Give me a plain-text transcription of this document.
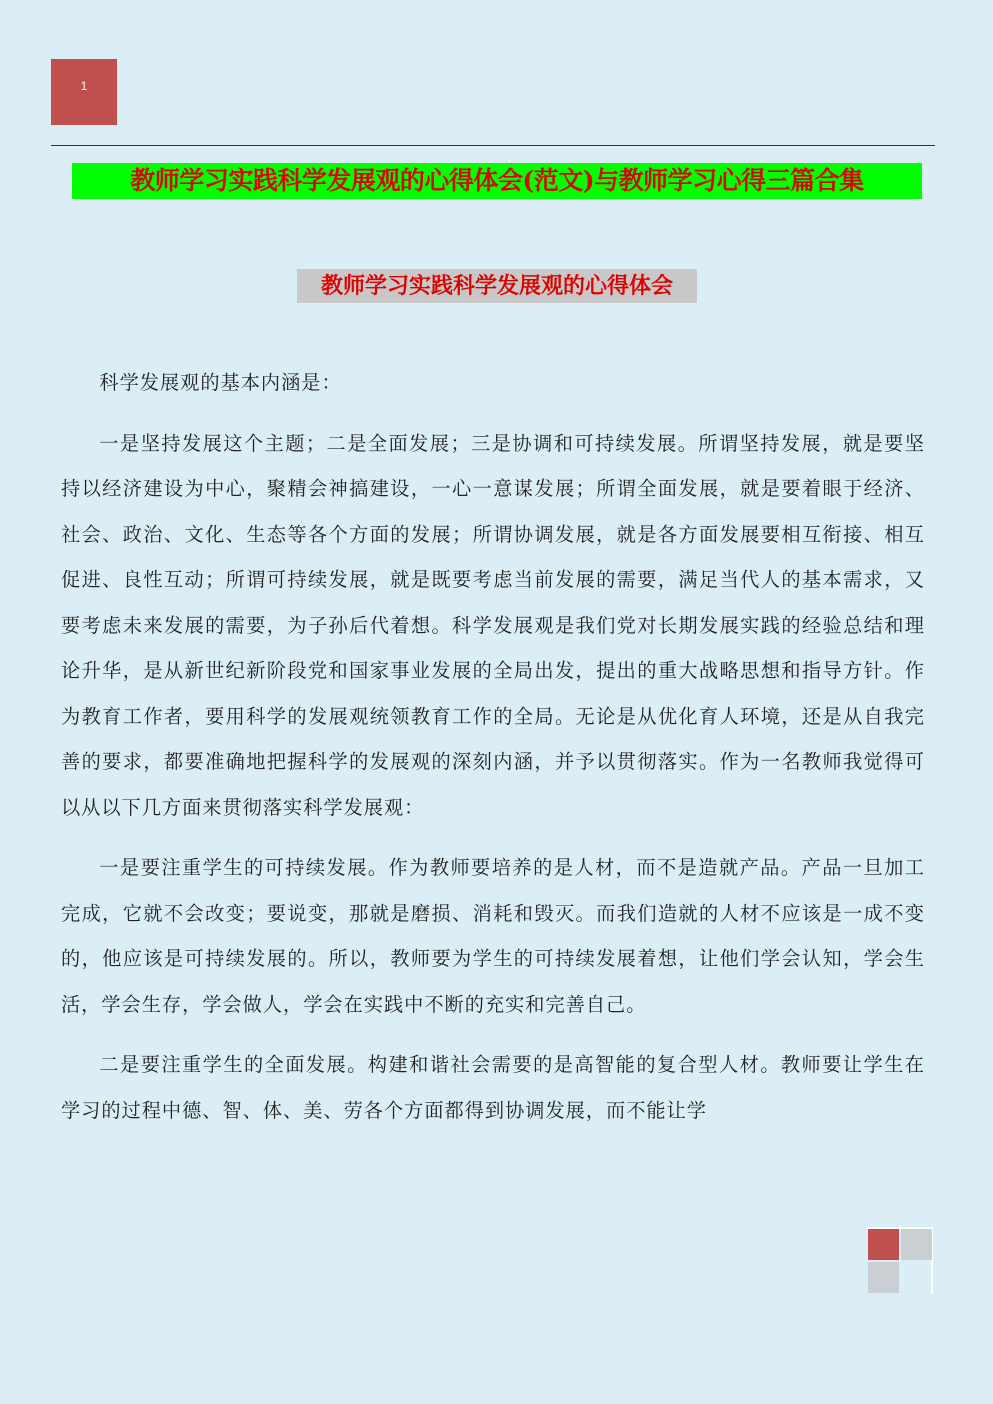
1
教师学习实践科学发展观的心得体会(范文)与教师学习心得三篇合集
教师学习实践科学发展观的心得体会

科学发展观的基本内涵是：

一是坚持发展这个主题；二是全面发展；三是协调和可持续发展。所谓坚持发展，就是要坚持以经济建设为中心，聚精会神搞建设，一心一意谋发展；所谓全面发展，就是要着眼于经济、社会、政治、文化、生态等各个方面的发展；所谓协调发展，就是各方面发展要相互衔接、相互促进、良性互动；所谓可持续发展，就是既要考虑当前发展的需要，满足当代人的基本需求，又要考虑未来发展的需要，为子孙后代着想。科学发展观是我们党对长期发展实践的经验总结和理论升华，是从新世纪新阶段党和国家事业发展的全局出发，提出的重大战略思想和指导方针。作为教育工作者，要用科学的发展观统领教育工作的全局。无论是从优化育人环境，还是从自我完善的要求，都要准确地把握科学的发展观的深刻内涵，并予以贯彻落实。作为一名教师我觉得可以从以下几方面来贯彻落实科学发展观：

一是要注重学生的可持续发展。作为教师要培养的是人材，而不是造就产品。产品一旦加工完成，它就不会改变；要说变，那就是磨损、消耗和毁灭。而我们造就的人材不应该是一成不变的，他应该是可持续发展的。所以，教师要为学生的可持续发展着想，让他们学会认知，学会生活，学会生存，学会做人，学会在实践中不断的充实和完善自己。

二是要注重学生的全面发展。构建和谐社会需要的是高智能的复合型人材。教师要让学生在学习的过程中德、智、体、美、劳各个方面都得到协调发展，而不能让学
